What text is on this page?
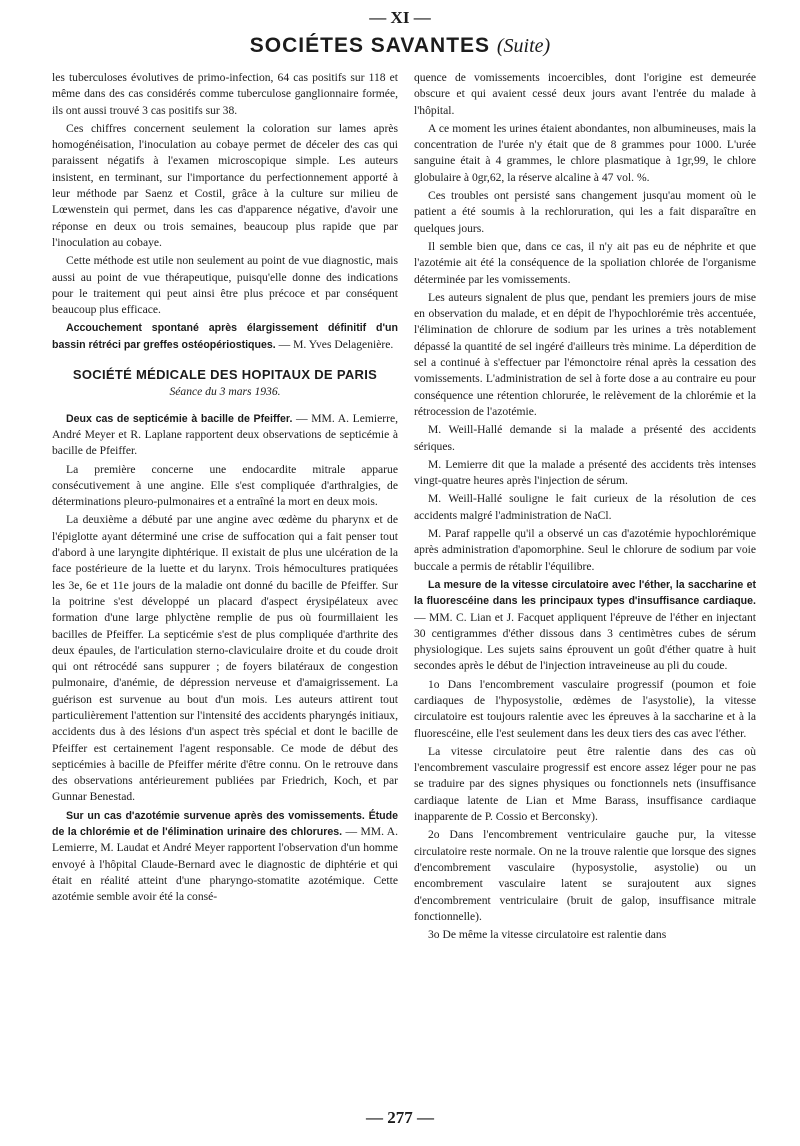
— XI —
SOCIÉTES SAVANTES (Suite)

les tuberculoses évolutives de primo-infection, 64 cas positifs sur 118 et même dans des cas considérés comme tuberculose ganglionnaire formée, ils ont aussi trouvé 3 cas positifs sur 38.

Ces chiffres concernent seulement la coloration sur lames après homogénéisation, l'inoculation au cobaye permet de déceler des cas qui paraissent négatifs à l'examen microscopique simple. Les auteurs insistent, en terminant, sur l'importance du perfectionnement apporté à leur méthode par Saenz et Costil, grâce à la culture sur milieu de Lœwenstein qui permet, dans les cas d'apparence négative, d'avoir une réponse en deux ou trois semaines, beaucoup plus rapide que par l'inoculation au cobaye.

Cette méthode est utile non seulement au point de vue diagnostic, mais aussi au point de vue thérapeutique, puisqu'elle donne des indications pour le traitement qui peut ainsi être plus précoce et par conséquent beaucoup plus efficace.

Accouchement spontané après élargissement définitif d'un bassin rétréci par greffes ostéopériostiques. — M. Yves Delagenière.

SOCIÉTÉ MÉDICALE DES HOPITAUX DE PARIS
Séance du 3 mars 1936.

Deux cas de septicémie à bacille de Pfeiffer. — MM. A. Lemierre, André Meyer et R. Laplane rapportent deux observations de septicémie à bacille de Pfeiffer.

La première concerne une endocardite mitrale apparue consécutivement à une angine. Elle s'est compliquée d'arthralgies, de déterminations pleuro-pulmonaires et a entraîné la mort en deux mois.

La deuxième a débuté par une angine avec œdème du pharynx et de l'épiglotte ayant déterminé une crise de suffocation qui a fait penser tout d'abord à une laryngite diphtérique. Il existait de plus une ulcération de la face postérieure de la luette et du larynx. Trois hémocultures pratiquées les 3e, 6e et 11e jours de la maladie ont donné du bacille de Pfeiffer. Sur la poitrine s'est développé un placard d'aspect érysipélateux avec formation d'une large phlyctène remplie de pus où fourmillaient les bacilles de Pfeiffer. La septicémie s'est de plus compliquée d'arthrite des deux épaules, de l'articulation sterno-claviculaire droite et du coude droit qui ont rétrocédé sans suppurer ; de foyers bilatéraux de congestion pulmonaire, d'anémie, de dépression nerveuse et d'amaigrissement. La guérison est survenue au bout d'un mois. Les auteurs attirent tout particulièrement l'attention sur l'intensité des accidents pharyngés initiaux, accidents dus à des lésions d'un aspect très spécial et dont le bacille de Pfeiffer est certainement l'agent responsable. Ce mode de début des septicémies à bacille de Pfeiffer mérite d'être connu. On le retrouve dans des observations antérieurement publiées par Friedrich, Koch, et par Gunnar Benestad.

Sur un cas d'azotémie survenue après des vomissements. Étude de la chlorémie et de l'élimination urinaire des chlorures. — MM. A. Lemierre, M. Laudat et André Meyer rapportent l'observation d'un homme envoyé à l'hôpital Claude-Bernard avec le diagnostic de diphtérie et qui était en réalité atteint d'une pharyngo-stomatite azotémique. Cette azotémie semble avoir été la consé-

quence de vomissements incoercibles, dont l'origine est demeurée obscure et qui avaient cessé deux jours avant l'entrée du malade à l'hôpital.

A ce moment les urines étaient abondantes, non albumineuses, mais la concentration de l'urée n'y était que de 8 grammes pour 1000. L'urée sanguine était à 4 grammes, le chlore plasmatique à 1gr,99, le chlore globulaire à 0gr,62, la réserve alcaline à 47 vol. %.

Ces troubles ont persisté sans changement jusqu'au moment où le patient a été soumis à la rechloruration, qui les a fait disparaître en quelques jours.

Il semble bien que, dans ce cas, il n'y ait pas eu de néphrite et que l'azotémie ait été la conséquence de la spoliation chlorée de l'organisme déterminée par les vomissements.

Les auteurs signalent de plus que, pendant les premiers jours de mise en observation du malade, et en dépit de l'hypochlorémie très accentuée, l'élimination de chlorure de sodium par les urines a très notablement dépassé la quantité de sel ingéré d'ailleurs très minime. La déperdition de sel a continué à s'effectuer par l'émonctoire rénal après la cessation des vomissements. L'administration de sel à forte dose a au contraire eu pour conséquence une rétention chlorurée, le relèvement de la chlorémie et la rétrocession de l'azotémie.

M. Weill-Hallé demande si la malade a présenté des accidents sériques.

M. Lemierre dit que la malade a présenté des accidents très intenses vingt-quatre heures après l'injection de sérum.

M. Weill-Hallé souligne le fait curieux de la résolution de ces accidents malgré l'administration de NaCl.

M. Paraf rappelle qu'il a observé un cas d'azotémie hypochlorémique après administration d'apomorphine. Seul le chlorure de sodium par voie buccale a permis de rétablir l'équilibre.

La mesure de la vitesse circulatoire avec l'éther, la saccharine et la fluorescéine dans les principaux types d'insuffisance cardiaque. — MM. C. Lian et J. Facquet appliquent l'épreuve de l'éther en injectant 30 centigrammes d'éther dissous dans 3 centimètres cubes de sérum physiologique. Les sujets sains éprouvent un goût d'éther quatre à huit secondes après le début de l'injection intraveineuse au pli du coude.

1o Dans l'encombrement vasculaire progressif (poumon et foie cardiaques de l'hyposystolie, œdèmes de l'asystolie), la vitesse circulatoire est toujours ralentie avec les épreuves à la saccharine et à la fluorescéine, elle l'est seulement dans les deux tiers des cas avec l'éther.

La vitesse circulatoire peut être ralentie dans des cas où l'encombrement vasculaire progressif est encore assez léger pour ne pas se traduire par des signes physiques ou fonctionnels nets (insuffisance cardiaque latente de Lian et Mme Barass, insuffisance cardiaque inapparente de P. Cossio et Berconsky).

2o Dans l'encombrement ventriculaire gauche pur, la vitesse circulatoire reste normale. On ne la trouve ralentie que lorsque des signes d'encombrement vasculaire (hyposystolie, asystolie) ou un encombrement vasculaire latent se surajoutent aux signes d'encombrement ventriculaire (bruit de galop, insuffisance mitrale fonctionnelle).

3o De même la vitesse circulatoire est ralentie dans

— 277 —
